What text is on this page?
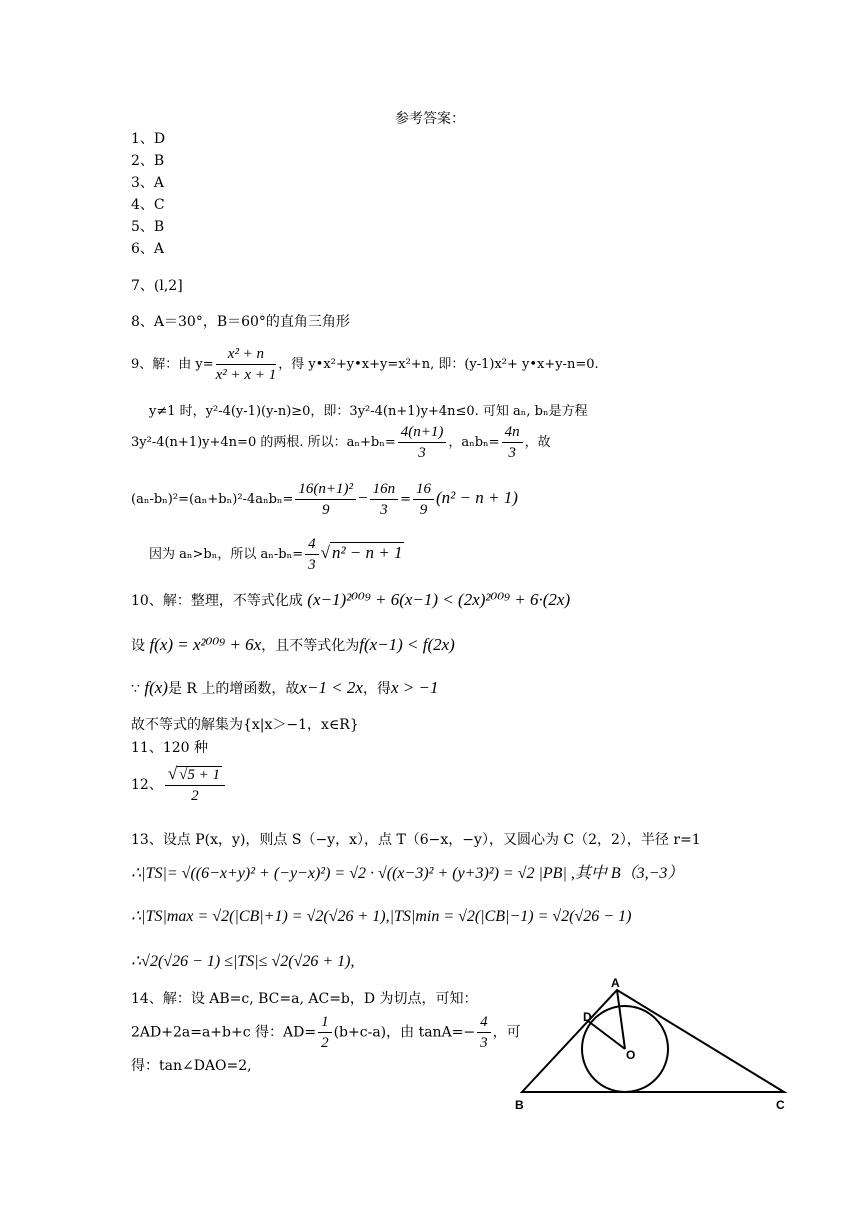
参考答案：
1、D
2、B
3、A
4、C
5、B
6、A
7、(l,2]
8、A＝30°，B＝60°的直角三角形
9、解：由 $y= \frac{\text{x² + n}}{\text{x² + x + 1}}$ ，得 y•x²+y•x+y=x²+n, 即：(y-1)x²+ y•x+y-n=0.
y≠1 时，y²-4(y-1)(y-n)≥0，即：3y²-4(n+1)y+4n≤0. 可知 aₙ, bₙ是方程
3y²-4(n+1)y+4n=0 的两根. 所以：$a_n+b_n= \frac{4(n+1)}{3}$ ，$a_nb_n= \frac{4n}{3}$ ，故
$(a_n-b_n)^2=(a_n+b_n)^2-4a_nb_n= \frac{\text{16(n+1)²}}{9} - \frac{16n}{3} = \frac{16}{9} (n^2 - n + 1)$
因为 aₙ>bₙ，所以 $a_n-b_n= \frac{4}{3}$ √ n² − n + 1
10、解：整理，不等式化成 (x−1)²⁰⁰⁹ + 6(x−1) < (2x)²⁰⁰⁹ + 6·(2x)
设 f(x) = x²⁰⁰⁹ + 6x，且不等式化为f(x−1) < f(2x)
∵ f(x)是 R 上的增函数，故x−1 < 2x，得x > −1
故不等式的解集为{x|x＞−1，x∈R}
11、120 种
12、 $\frac{√ √5 + 1}{2}$
13、设点 P(x，y)，则点 S（−y，x），点 T（6−x，−y），又圆心为 C（2，2），半径 r=1
∴|TS|= √((6−x+y)² + (−y−x)²) = √2 · √((x−3)² + (y+3)²) = √2 |PB| ,其中 B（3,−3）
∴|TS|max = √2(|CB|+1) = √2(√26 + 1),|TS|min = √2(|CB|−1) = √2(√26 − 1)
∴√2(√26 − 1) ≤|TS|≤ √2(√26 + 1),
14、解：设 AB=c, BC=a, AC=b，D 为切点，可知：
2AD+2a=a+b+c 得：$AD= \frac{1}{2} (b+c-a)$，由 $\tan A=- \frac{4}{3}$ ，可
得：tan∠DAO=2,
A
D
O
B	C
